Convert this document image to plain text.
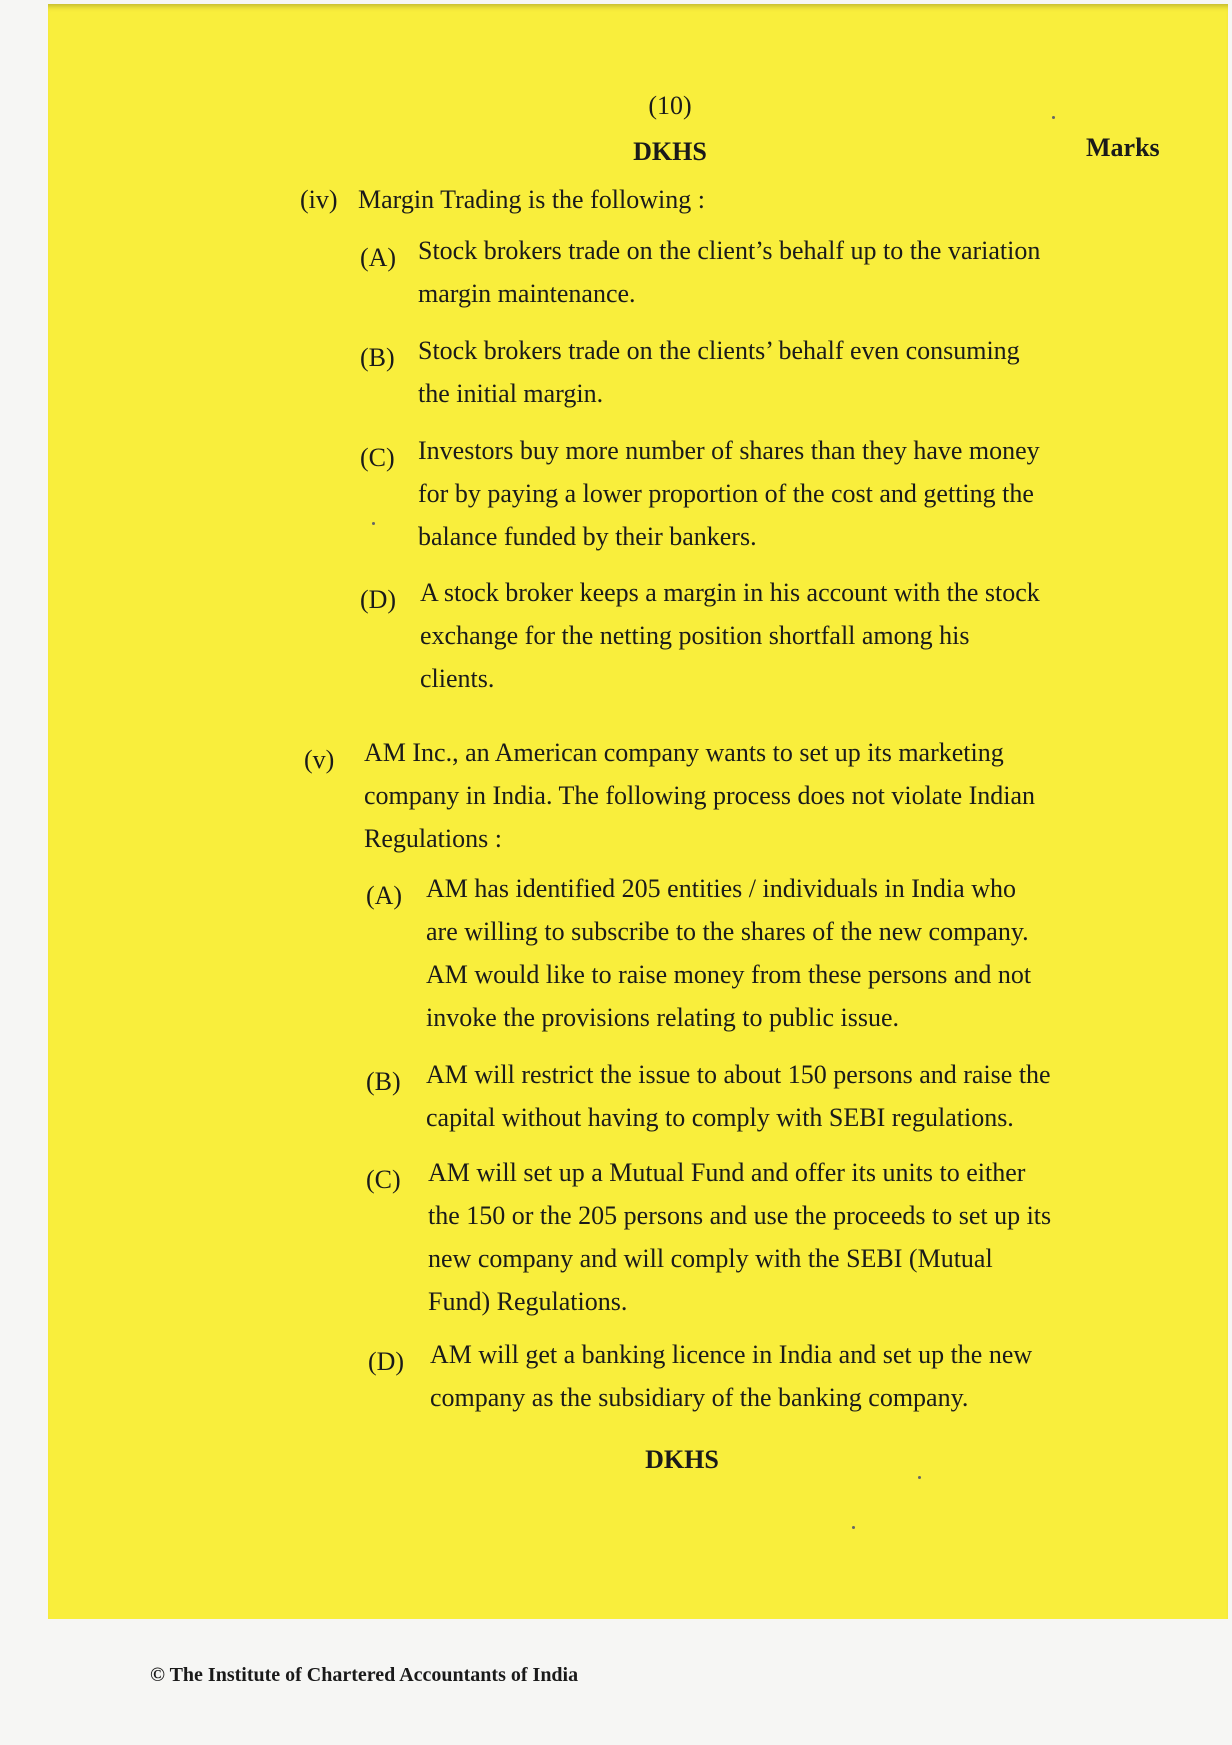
(10)
DKHS	Marks
(iv) Margin Trading is the following :
(A) Stock brokers trade on the client’s behalf up to the variation
margin maintenance.
(B) Stock brokers trade on the clients’ behalf even consuming
the initial margin.
(C) Investors buy more number of shares than they have money
for by paying a lower proportion of the cost and getting the
balance funded by their bankers.
(D) A stock broker keeps a margin in his account with the stock
exchange for the netting position shortfall among his
clients.
(v) AM Inc., an American company wants to set up its marketing
company in India. The following process does not violate Indian
Regulations :
(A) AM has identified 205 entities / individuals in India who
are willing to subscribe to the shares of the new company.
AM would like to raise money from these persons and not
invoke the provisions relating to public issue.
(B) AM will restrict the issue to about 150 persons and raise the
capital without having to comply with SEBI regulations.
(C) AM will set up a Mutual Fund and offer its units to either
the 150 or the 205 persons and use the proceeds to set up its
new company and will comply with the SEBI (Mutual
Fund) Regulations.
(D) AM will get a banking licence in India and set up the new
company as the subsidiary of the banking company.
DKHS
© The Institute of Chartered Accountants of India
